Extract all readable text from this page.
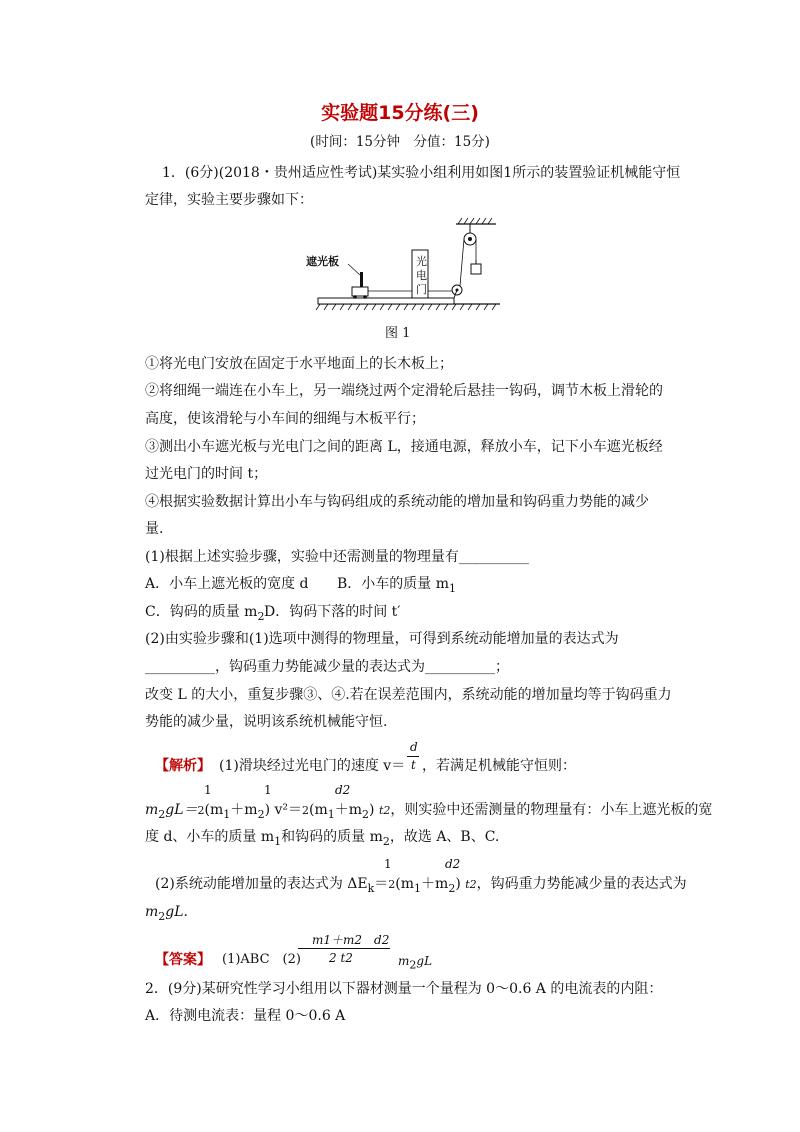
实验题15分练(三)
(时间：15分钟　分值：15分)
1．(6分)(2018・贵州适应性考试)某实验小组利用如图1所示的装置验证机械能守恒
定律，实验主要步骤如下：
遮光板	光
电
门
图 1
①将光电门安放在固定于水平地面上的长木板上；
②将细绳一端连在小车上，另一端绕过两个定滑轮后悬挂一钩码，调节木板上滑轮的
高度，使该滑轮与小车间的细绳与木板平行；
③测出小车遮光板与光电门之间的距离 L，接通电源，释放小车，记下小车遮光板经
过光电门的时间 t；
④根据实验数据计算出小车与钩码组成的系统动能的增加量和钩码重力势能的减少
量.
(1)根据上述实验步骤，实验中还需测量的物理量有__________
A．小车上遮光板的宽度 d B．小车的质量 $m_1$
C．钩码的质量 $m_2$ D．钩码下落的时间 t′
(2)由实验步骤和(1)选项中测得的物理量，可得到系统动能增加量的表达式为
__________，钩码重力势能减少量的表达式为__________；
改变 L 的大小，重复步骤③、④.若在误差范围内，系统动能的增加量均等于钩码重力
势能的减少量，说明该系统机械能守恒.
【解析】 (1)滑块经过光电门的速度 v＝
d
t ，若满足机械能守恒则：
1	1	d2
$m_2gL=2(m_1+m_2)$ $v^2=2(m_1+m_2)$ t2，则实验中还需测量的物理量有：小车上遮光板的宽
度 d、小车的质量 $m_1$和钩码的质量 $m_2$，故选 A、B、C.
1	d2
(2)系统动能增加量的表达式为 $\Delta E_k=2(m_1+m_2)$ t2，钩码重力势能减少量的表达式为
$m_2gL$.
m1＋m2　d2
【答案】 (1)ABC　(2) 2 t2	$m_2gL$
2．(9分)某研究性学习小组用以下器材测量一个量程为 0～0.6 A 的电流表的内阻：
A．待测电流表：量程 0～0.6 A
